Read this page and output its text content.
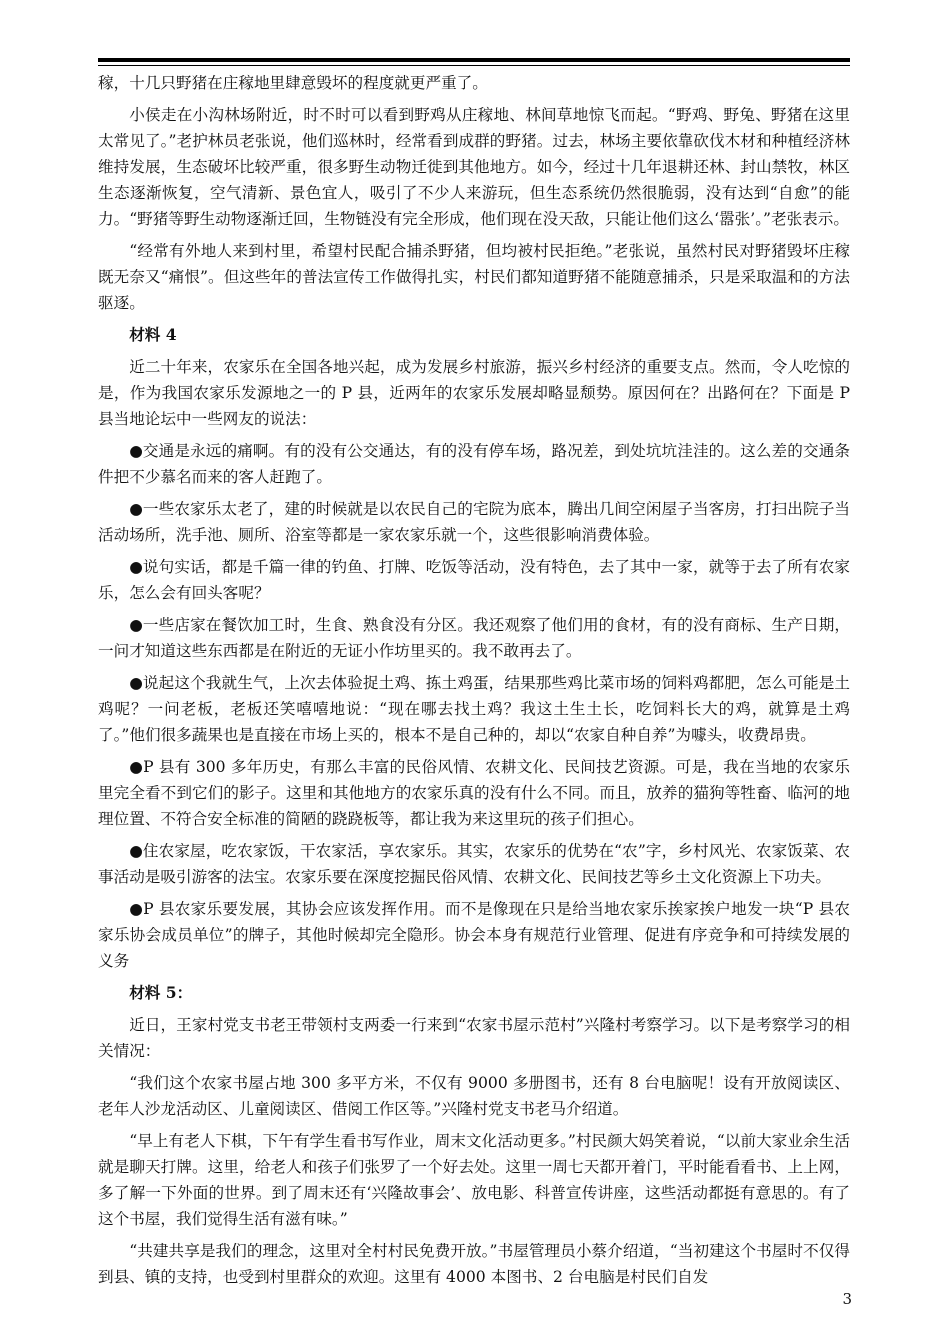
稼，十几只野猪在庄稼地里肆意毁坏的程度就更严重了。

小侯走在小沟林场附近，时不时可以看到野鸡从庄稼地、林间草地惊飞而起。“野鸡、野兔、野猪在这里太常见了。”老护林员老张说，他们巡林时，经常看到成群的野猪。过去，林场主要依靠砍伐木材和种植经济林维持发展，生态破坏比较严重，很多野生动物迁徙到其他地方。如今，经过十几年退耕还林、封山禁牧，林区生态逐渐恢复，空气清新、景色宜人，吸引了不少人来游玩，但生态系统仍然很脆弱，没有达到“自愈”的能力。“野猪等野生动物逐渐迁回，生物链没有完全形成，他们现在没天敌，只能让他们这么‘嚣张’。”老张表示。

“经常有外地人来到村里，希望村民配合捕杀野猪，但均被村民拒绝。”老张说，虽然村民对野猪毁坏庄稼既无奈又“痛恨”。但这些年的普法宣传工作做得扎实，村民们都知道野猪不能随意捕杀，只是采取温和的方法驱逐。

材料 4

近二十年来，农家乐在全国各地兴起，成为发展乡村旅游，振兴乡村经济的重要支点。然而，令人吃惊的是，作为我国农家乐发源地之一的 P 县，近两年的农家乐发展却略显颓势。原因何在？出路何在？下面是 P 县当地论坛中一些网友的说法：

●交通是永远的痛啊。有的没有公交通达，有的没有停车场，路况差，到处坑坑洼洼的。这么差的交通条件把不少慕名而来的客人赶跑了。

●一些农家乐太老了，建的时候就是以农民自己的宅院为底本，腾出几间空闲屋子当客房，打扫出院子当活动场所，洗手池、厕所、浴室等都是一家农家乐就一个，这些很影响消费体验。

●说句实话，都是千篇一律的钓鱼、打牌、吃饭等活动，没有特色，去了其中一家，就等于去了所有农家乐，怎么会有回头客呢？

●一些店家在餐饮加工时，生食、熟食没有分区。我还观察了他们用的食材，有的没有商标、生产日期，一问才知道这些东西都是在附近的无证小作坊里买的。我不敢再去了。

●说起这个我就生气，上次去体验捉土鸡、拣土鸡蛋，结果那些鸡比菜市场的饲料鸡都肥，怎么可能是土鸡呢？一问老板，老板还笑嘻嘻地说：“现在哪去找土鸡？我这土生土长，吃饲料长大的鸡，就算是土鸡了。”他们很多蔬果也是直接在市场上买的，根本不是自己种的，却以“农家自种自养”为噱头，收费昂贵。

●P 县有 300 多年历史，有那么丰富的民俗风情、农耕文化、民间技艺资源。可是，我在当地的农家乐里完全看不到它们的影子。这里和其他地方的农家乐真的没有什么不同。而且，放养的猫狗等牲畜、临河的地理位置、不符合安全标准的简陋的跷跷板等，都让我为来这里玩的孩子们担心。

●住农家屋，吃农家饭，干农家活，享农家乐。其实，农家乐的优势在“农”字，乡村风光、农家饭菜、农事活动是吸引游客的法宝。农家乐要在深度挖掘民俗风情、农耕文化、民间技艺等乡土文化资源上下功夫。

●P 县农家乐要发展，其协会应该发挥作用。而不是像现在只是给当地农家乐挨家挨户地发一块“P 县农家乐协会成员单位”的牌子，其他时候却完全隐形。协会本身有规范行业管理、促进有序竞争和可持续发展的义务

材料 5：

近日，王家村党支书老王带领村支两委一行来到“农家书屋示范村”兴隆村考察学习。以下是考察学习的相关情况：

“我们这个农家书屋占地 300 多平方米，不仅有 9000 多册图书，还有 8 台电脑呢！设有开放阅读区、老年人沙龙活动区、儿童阅读区、借阅工作区等。”兴隆村党支书老马介绍道。

“早上有老人下棋，下午有学生看书写作业，周末文化活动更多。”村民颜大妈笑着说，“以前大家业余生活就是聊天打牌。这里，给老人和孩子们张罗了一个好去处。这里一周七天都开着门，平时能看看书、上上网，多了解一下外面的世界。到了周末还有‘兴隆故事会’、放电影、科普宣传讲座，这些活动都挺有意思的。有了这个书屋，我们觉得生活有滋有味。”

“共建共享是我们的理念，这里对全村村民免费开放。”书屋管理员小蔡介绍道，“当初建这个书屋时不仅得到县、镇的支持，也受到村里群众的欢迎。这里有 4000 本图书、2 台电脑是村民们自发

3
